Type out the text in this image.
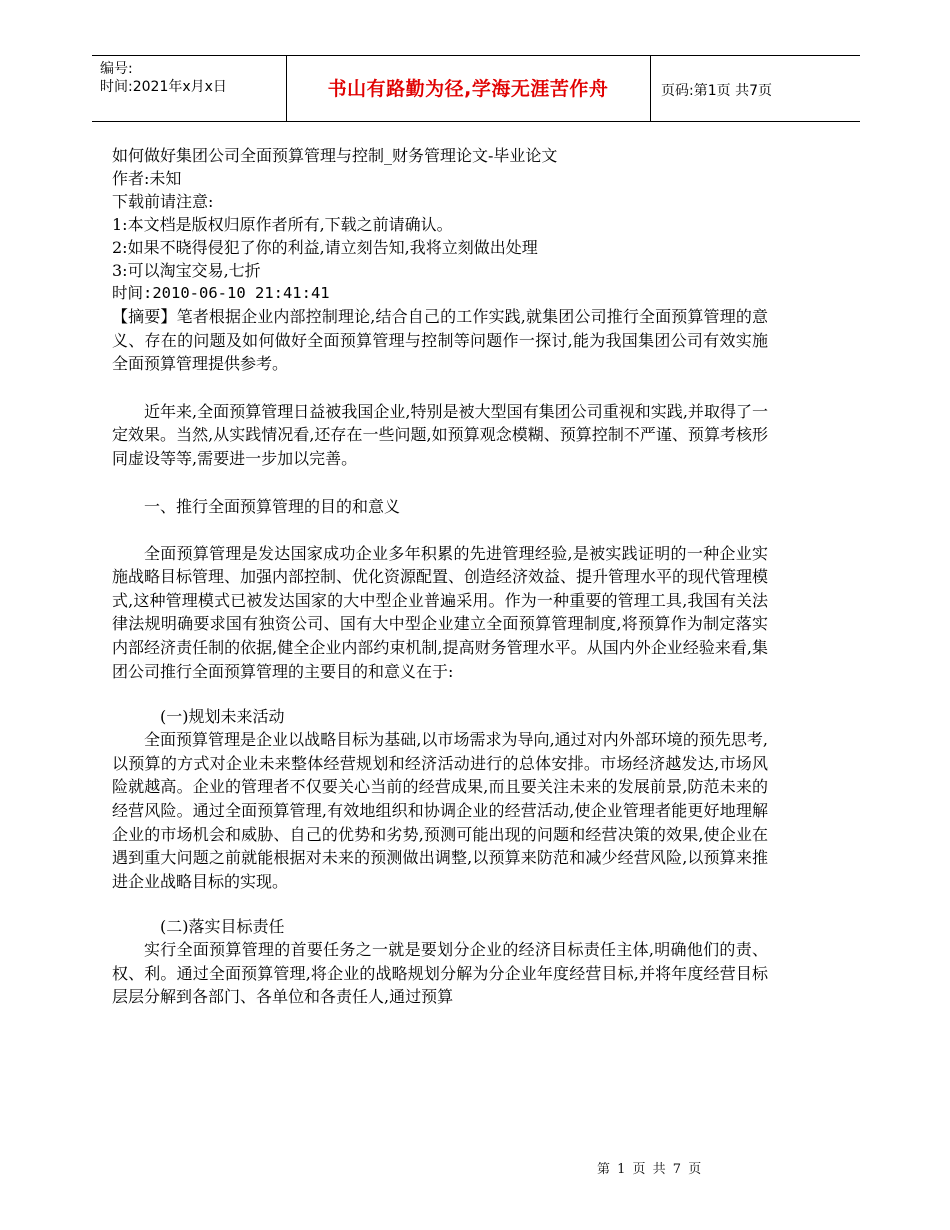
编号:
时间:2021年x月x日	书山有路勤为径,学海无涯苦作舟	页码:第1页 共7页
如何做好集团公司全面预算管理与控制_财务管理论文-毕业论文
作者:未知
下载前请注意:
1:本文档是版权归原作者所有,下载之前请确认。
2:如果不晓得侵犯了你的利益,请立刻告知,我将立刻做出处理
3:可以淘宝交易,七折
时间:2010-06-10 21:41:41
【摘要】笔者根据企业内部控制理论,结合自己的工作实践,就集团公司推行全面预算管理的意义、存在的问题及如何做好全面预算管理与控制等问题作一探讨,能为我国集团公司有效实施全面预算管理提供参考。
近年来,全面预算管理日益被我国企业,特别是被大型国有集团公司重视和实践,并取得了一定效果。当然,从实践情况看,还存在一些问题,如预算观念模糊、预算控制不严谨、预算考核形同虚设等等,需要进一步加以完善。
一、推行全面预算管理的目的和意义
全面预算管理是发达国家成功企业多年积累的先进管理经验,是被实践证明的一种企业实施战略目标管理、加强内部控制、优化资源配置、创造经济效益、提升管理水平的现代管理模式,这种管理模式已被发达国家的大中型企业普遍采用。作为一种重要的管理工具,我国有关法律法规明确要求国有独资公司、国有大中型企业建立全面预算管理制度,将预算作为制定落实内部经济责任制的依据,健全企业内部约束机制,提高财务管理水平。从国内外企业经验来看,集团公司推行全面预算管理的主要目的和意义在于:
(一)规划未来活动
全面预算管理是企业以战略目标为基础,以市场需求为导向,通过对内外部环境的预先思考,以预算的方式对企业未来整体经营规划和经济活动进行的总体安排。市场经济越发达,市场风险就越高。企业的管理者不仅要关心当前的经营成果,而且要关注未来的发展前景,防范未来的经营风险。通过全面预算管理,有效地组织和协调企业的经营活动,使企业管理者能更好地理解企业的市场机会和威胁、自己的优势和劣势,预测可能出现的问题和经营决策的效果,使企业在遇到重大问题之前就能根据对未来的预测做出调整,以预算来防范和减少经营风险,以预算来推进企业战略目标的实现。
(二)落实目标责任
实行全面预算管理的首要任务之一就是要划分企业的经济目标责任主体,明确他们的责、权、利。通过全面预算管理,将企业的战略规划分解为分企业年度经营目标,并将年度经营目标层层分解到各部门、各单位和各责任人,通过预算
第 1 页 共 7 页
